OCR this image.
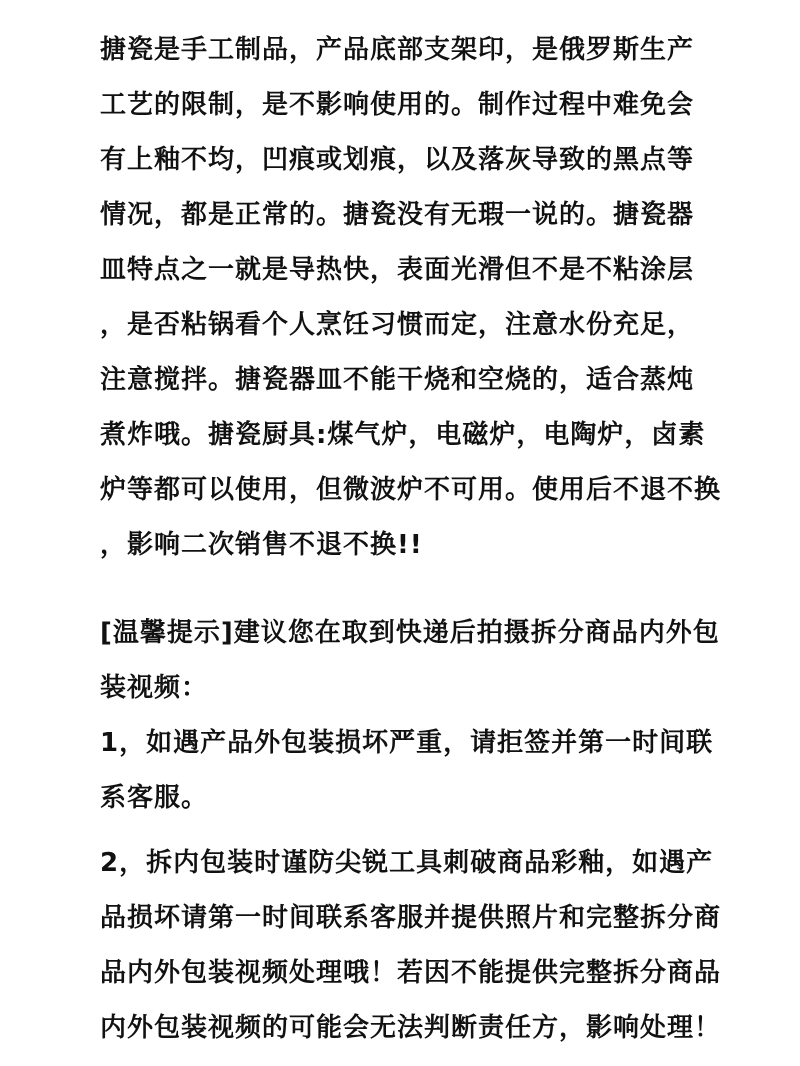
搪瓷是手工制品，产品底部支架印，是俄罗斯生产
工艺的限制，是不影响使用的。制作过程中难免会
有上釉不均，凹痕或划痕，以及落灰导致的黑点等
情况，都是正常的。搪瓷没有无瑕一说的。搪瓷器
皿特点之一就是导热快，表面光滑但不是不粘涂层
，是否粘锅看个人烹饪习惯而定，注意水份充足，
注意搅拌。搪瓷器皿不能干烧和空烧的，适合蒸炖
煮炸哦。搪瓷厨具:煤气炉，电磁炉，电陶炉，卤素
炉等都可以使用，但微波炉不可用。使用后不退不换
，影响二次销售不退不换!!
[温馨提示]建议您在取到快递后拍摄拆分商品内外包
装视频：
1，如遇产品外包装损坏严重，请拒签并第一时间联
系客服。
2，拆内包装时谨防尖锐工具刺破商品彩釉，如遇产
品损坏请第一时间联系客服并提供照片和完整拆分商
品内外包装视频处理哦！若因不能提供完整拆分商品
内外包装视频的可能会无法判断责任方，影响处理！
